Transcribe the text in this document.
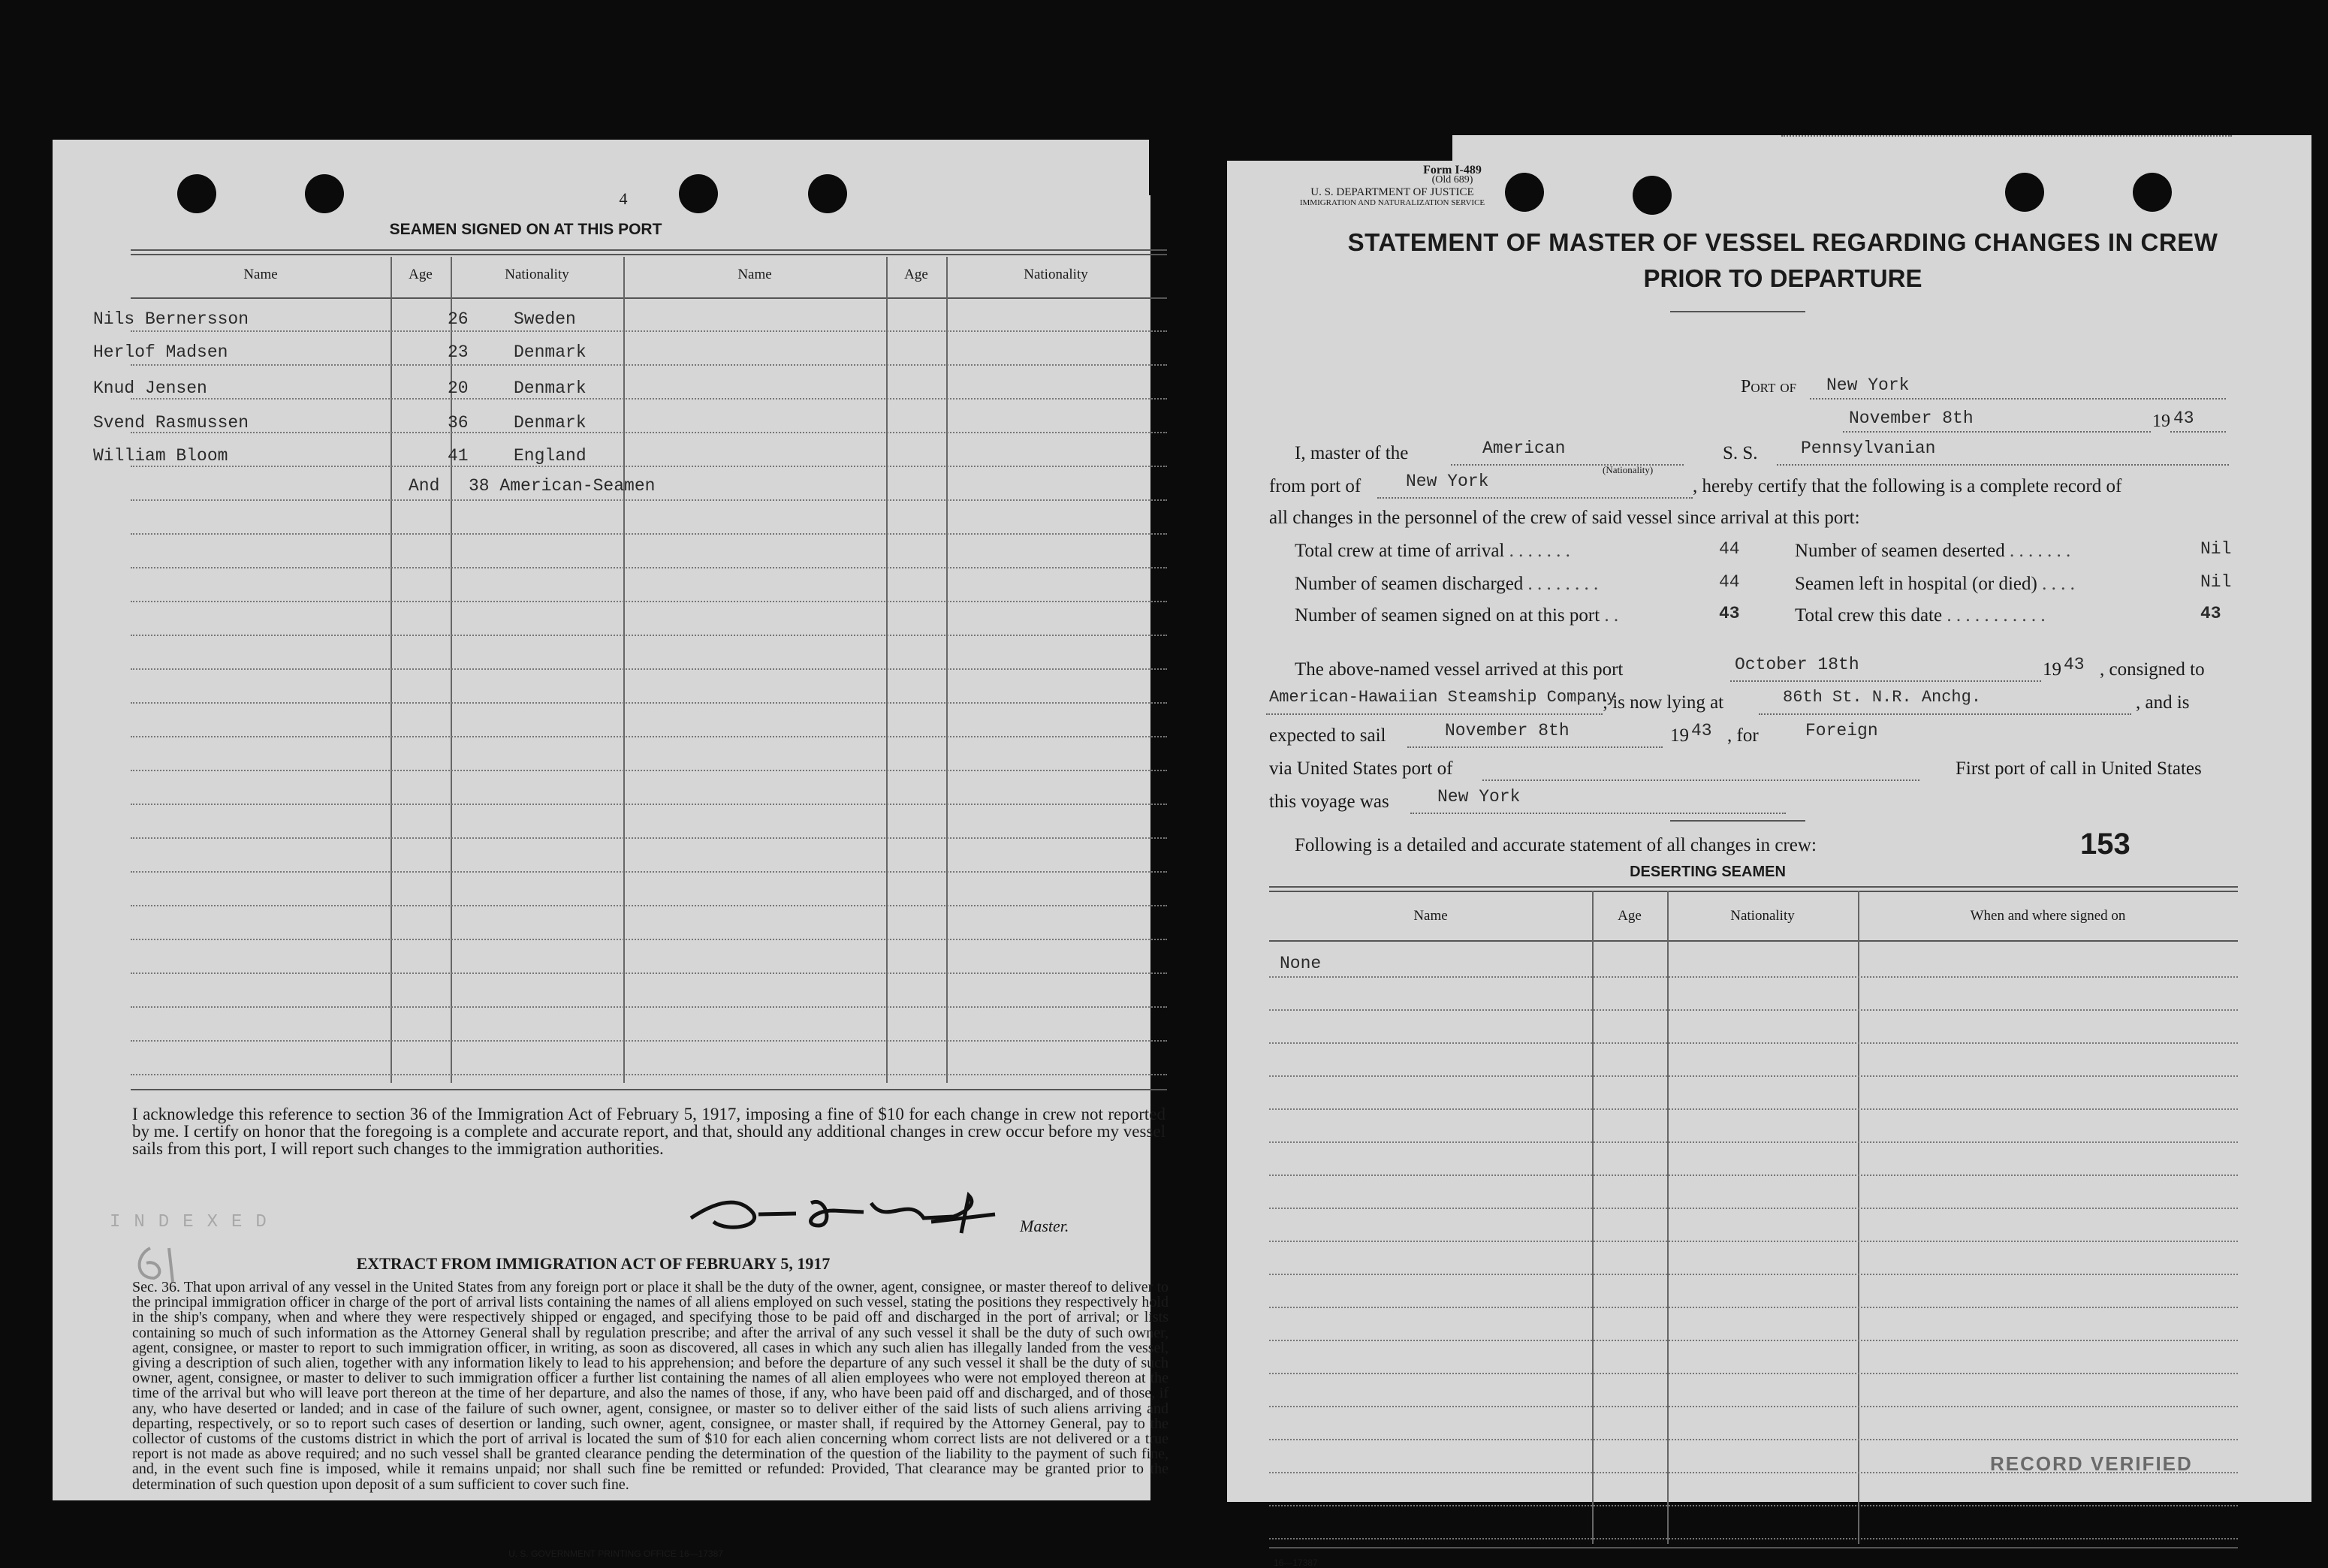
4
SEAMEN SIGNED ON AT THIS PORT
Name	Age	Nationality	Name	Age	Nationality
Nils Bernersson	26	Sweden
Herlof Madsen	23	Denmark
Knud Jensen	20	Denmark
Svend Rasmussen	36	Denmark
William Bloom	41	England
And 38 American-Seamen
I acknowledge this reference to section 36 of the Immigration Act of February 5, 1917, imposing a fine of $10 for each change in crew not reported by me. I certify on honor that the foregoing is a complete and accurate report, and that, should any additional changes in crew occur before my vessel sails from this port, I will report such changes to the immigration authorities.
INDEXED	Master.
EXTRACT FROM IMMIGRATION ACT OF FEBRUARY 5, 1917
Sec. 36. That upon arrival of any vessel in the United States from any foreign port or place it shall be the duty of the owner, agent, consignee, or master thereof to deliver to the principal immigration officer in charge of the port of arrival lists containing the names of all aliens employed on such vessel, stating the positions they respectively hold in the ship's company, when and where they were respectively shipped or engaged, and specifying those to be paid off and discharged in the port of arrival; or lists containing so much of such information as the Attorney General shall by regulation prescribe; and after the arrival of any such vessel it shall be the duty of such owner, agent, consignee, or master to report to such immigration officer, in writing, as soon as discovered, all cases in which any such alien has illegally landed from the vessel, giving a description of such alien, together with any information likely to lead to his apprehension; and before the departure of any such vessel it shall be the duty of such owner, agent, consignee, or master to deliver to such immigration officer a further list containing the names of all alien employees who were not employed thereon at the time of the arrival but who will leave port thereon at the time of her departure, and also the names of those, if any, who have been paid off and discharged, and of those, if any, who have deserted or landed; and in case of the failure of such owner, agent, consignee, or master so to deliver either of the said lists of such aliens arriving and departing, respectively, or so to report such cases of desertion or landing, such owner, agent, consignee, or master shall, if required by the Attorney General, pay to the collector of customs of the customs district in which the port of arrival is located the sum of $10 for each alien concerning whom correct lists are not delivered or a true report is not made as above required; and no such vessel shall be granted clearance pending the determination of the question of the liability to the payment of such fine, and, in the event such fine is imposed, while it remains unpaid; nor shall such fine be remitted or refunded: Provided, That clearance may be granted prior to the determination of such question upon deposit of a sum sufficient to cover such fine.
U. S. GOVERNMENT PRINTING OFFICE 16—17387
Form I-489
(Old 689)
U. S. DEPARTMENT OF JUSTICE
IMMIGRATION AND NATURALIZATION SERVICE
STATEMENT OF MASTER OF VESSEL REGARDING CHANGES IN CREW
PRIOR TO DEPARTURE
Port of New York
November 8th	19 43
I, master of the	American
(Nationality)
S. S. Pennsylvanian
from port of	New York	, hereby certify that the following is a complete record of
all changes in the personnel of the crew of said vessel since arrival at this port:
Total crew at time of arrival . . . . . . .	44
Number of seamen discharged . . . . . . . .	44
Number of seamen signed on at this port . .	43
Number of seamen deserted . . . . . . .	Nil
Seamen left in hospital (or died) . . . .	Nil
Total crew this date . . . . . . . . . . .	43
The above-named vessel arrived at this port	October 18th	19 43 , consigned to
American-Hawaiian Steamship Company
; is now lying at	86th St. N.R. Anchg.	, and is
expected to sail	November 8th	19 43 , for	Foreign
via United States port of	First port of call in United States
this voyage was	New York
Following is a detailed and accurate statement of all changes in crew:	153
DESERTING SEAMEN
Name	Age	Nationality	When and where signed on
None
16—17387
RECORD VERIFIED
